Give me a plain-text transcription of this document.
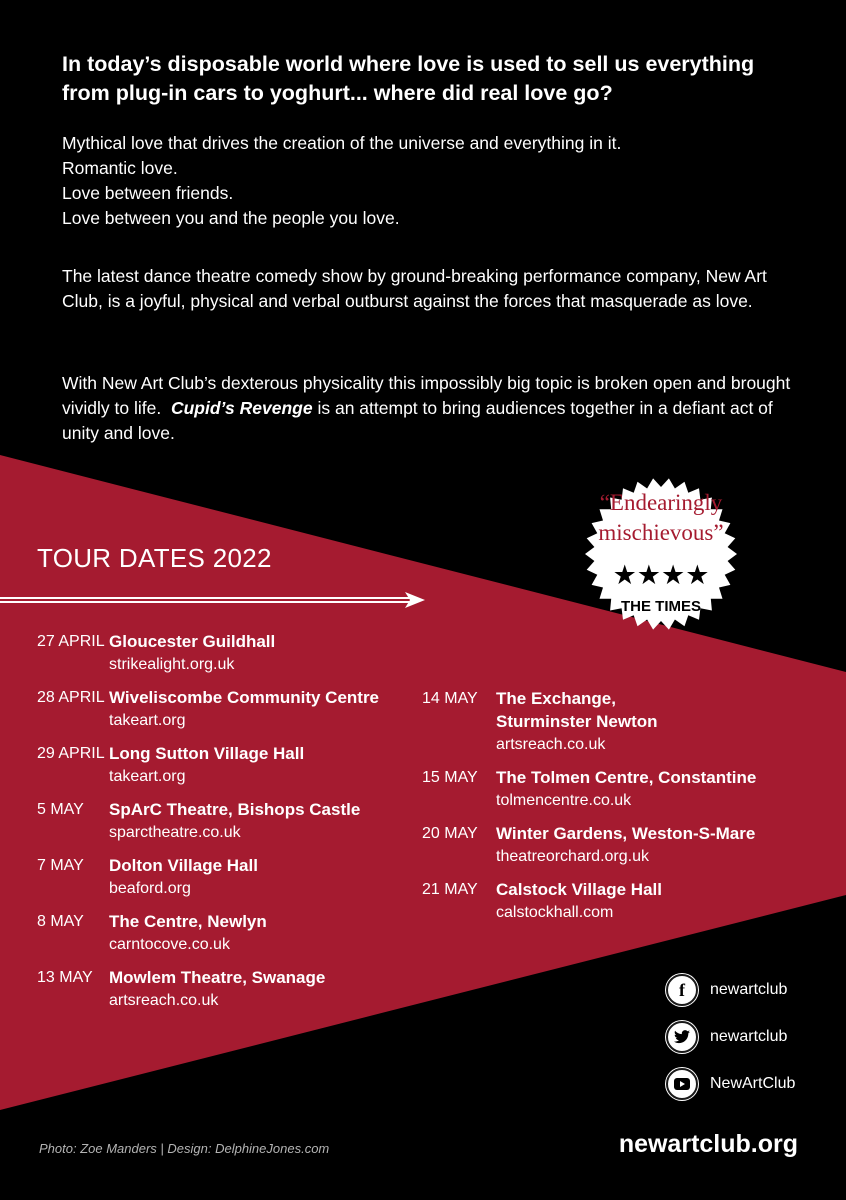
“Endearingly
mischievous”
★★★★
THE TIMES
In today’s disposable world where love is used to sell us everything from plug-in cars to yoghurt... where did real love go?

Mythical love that drives the creation of the universe and everything in it.
Romantic love.
Love between friends.
Love between you and the people you love.

The latest dance theatre comedy show by ground-breaking performance company, New Art Club, is a joyful, physical and verbal outburst against the forces that masquerade as love.

With New Art Club’s dexterous physicality this impossibly big topic is broken open and brought vividly to life. Cupid’s Revenge is an attempt to bring audiences together in a defiant act of unity and love.

TOUR DATES 2022
27 APRIL Gloucester Guildhall
strikealight.org.uk
28 APRIL Wiveliscombe Community Centre
takeart.org
29 APRIL Long Sutton Village Hall
takeart.org
5 MAY	SpArC Theatre, Bishops Castle
sparctheatre.co.uk
7 MAY	Dolton Village Hall
beaford.org
8 MAY	The Centre, Newlyn
carntocove.co.uk
13 MAY Mowlem Theatre, Swanage
artsreach.co.uk
14 MAY	The Exchange,
Sturminster Newton
artsreach.co.uk
15 MAY	The Tolmen Centre, Constantine
tolmencentre.co.uk
20 MAY	Winter Gardens, Weston-S-Mare
theatreorchard.org.uk
21 MAY	Calstock Village Hall
calstockhall.com
f newartclub
newartclub
NewArtClub
Photo: Zoe Manders | Design: DelphineJones.com	newartclub.org
